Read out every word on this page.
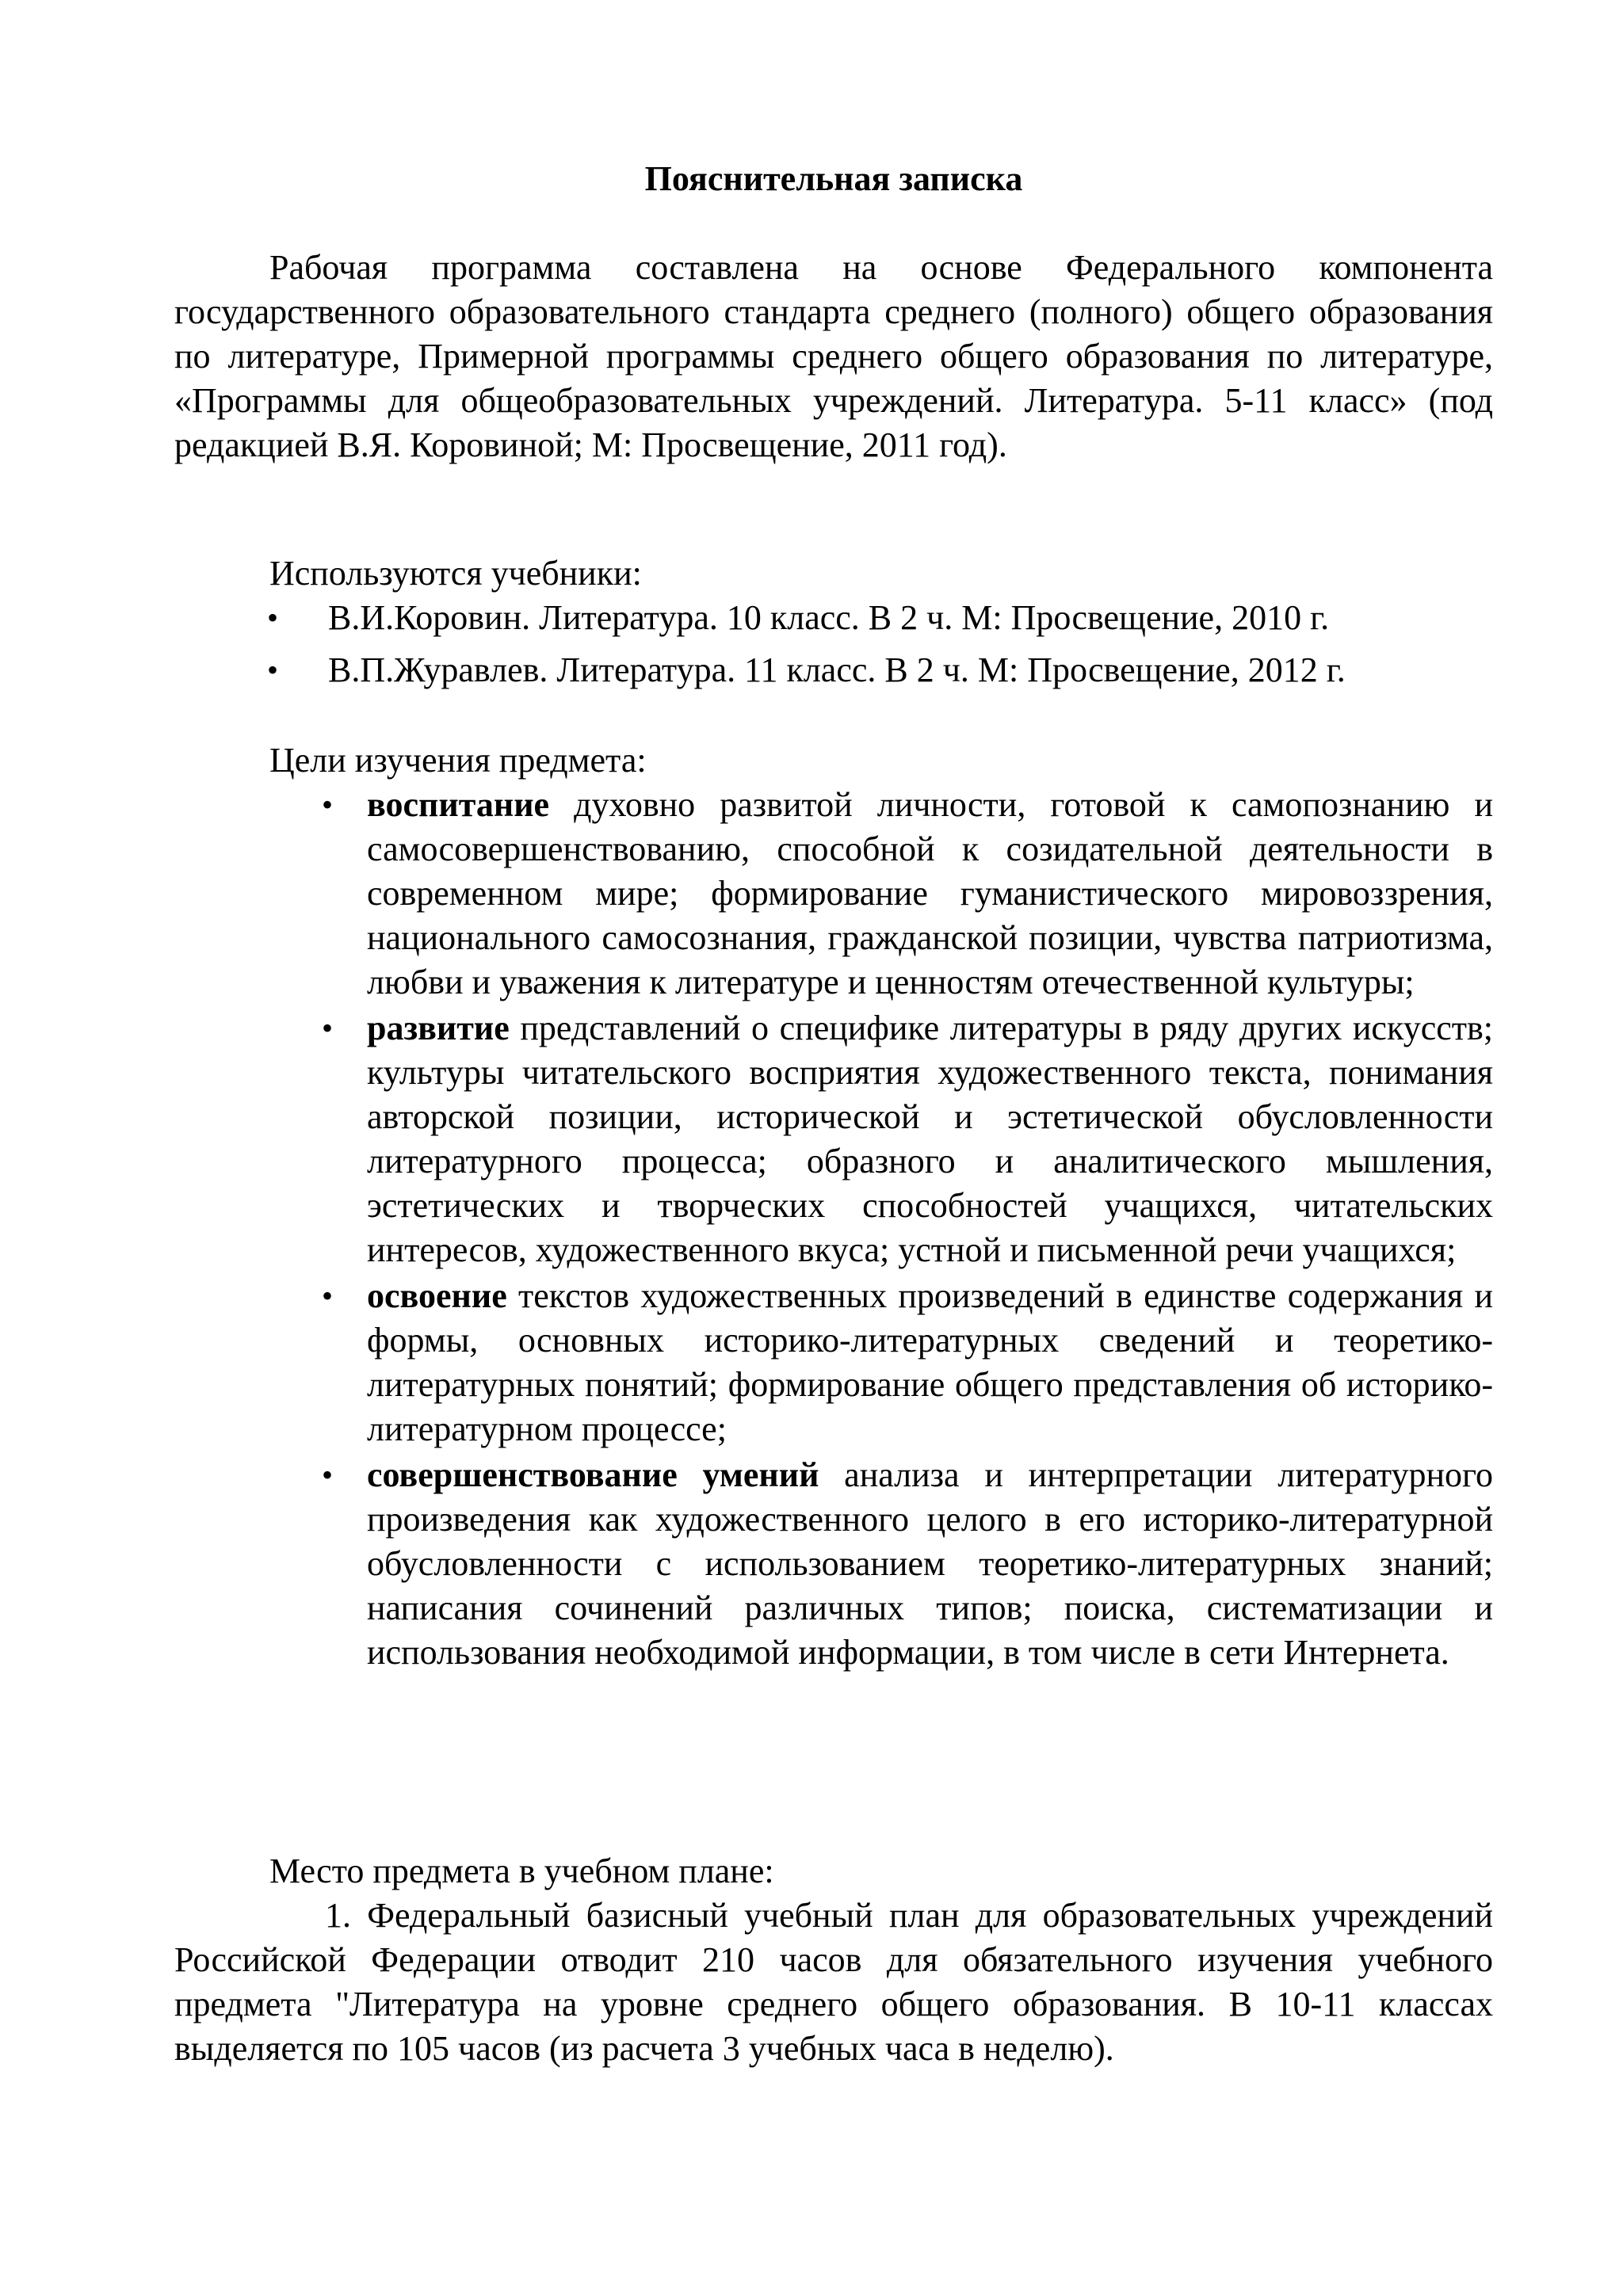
Пояснительная записка

Рабочая программа составлена на основе Федерального компонента государственного образовательного стандарта среднего (полного) общего образования по литературе, Примерной программы среднего общего образования по литературе, «Программы для общеобразовательных учреждений. Литература. 5-11 класс» (под редакцией В.Я. Коровиной; М: Просвещение, 2011 год).

Используются учебники:

• В.И.Коровин. Литература. 10 класс. В 2 ч. М: Просвещение, 2010 г.
• В.П.Журавлев. Литература. 11 класс. В 2 ч. М: Просвещение, 2012 г.

Цели изучения предмета:

• воспитание духовно развитой личности, готовой к самопознанию и самосовершенствованию, способной к созидательной деятельности в современном мире; формирование гуманистического мировоззрения, национального самосознания, гражданской позиции, чувства патриотизма, любви и уважения к литературе и ценностям отечественной культуры;
• развитие представлений о специфике литературы в ряду других искусств; культуры читательского восприятия художественного текста, понимания авторской позиции, исторической и эстетической обусловленности литературного процесса; образного и аналитического мышления, эстетических и творческих способностей учащихся, читательских интересов, художественного вкуса; устной и письменной речи учащихся;
• освоение текстов художественных произведений в единстве содержания и формы, основных историко-литературных сведений и теоретико-литературных понятий; формирование общего представления об историко-литературном процессе;
• совершенствование умений анализа и интерпретации литературного произведения как художественного целого в его историко-литературной обусловленности с использованием теоретико-литературных знаний; написания сочинений различных типов; поиска, систематизации и использования необходимой информации, в том числе в сети Интернета.

Место предмета в учебном плане:

1. Федеральный базисный учебный план для образовательных учреждений Российской Федерации отводит 210 часов для обязательного изучения учебного предмета "Литература на уровне среднего общего образования. В 10-11 классах выделяется по 105 часов (из расчета 3 учебных часа в неделю).
